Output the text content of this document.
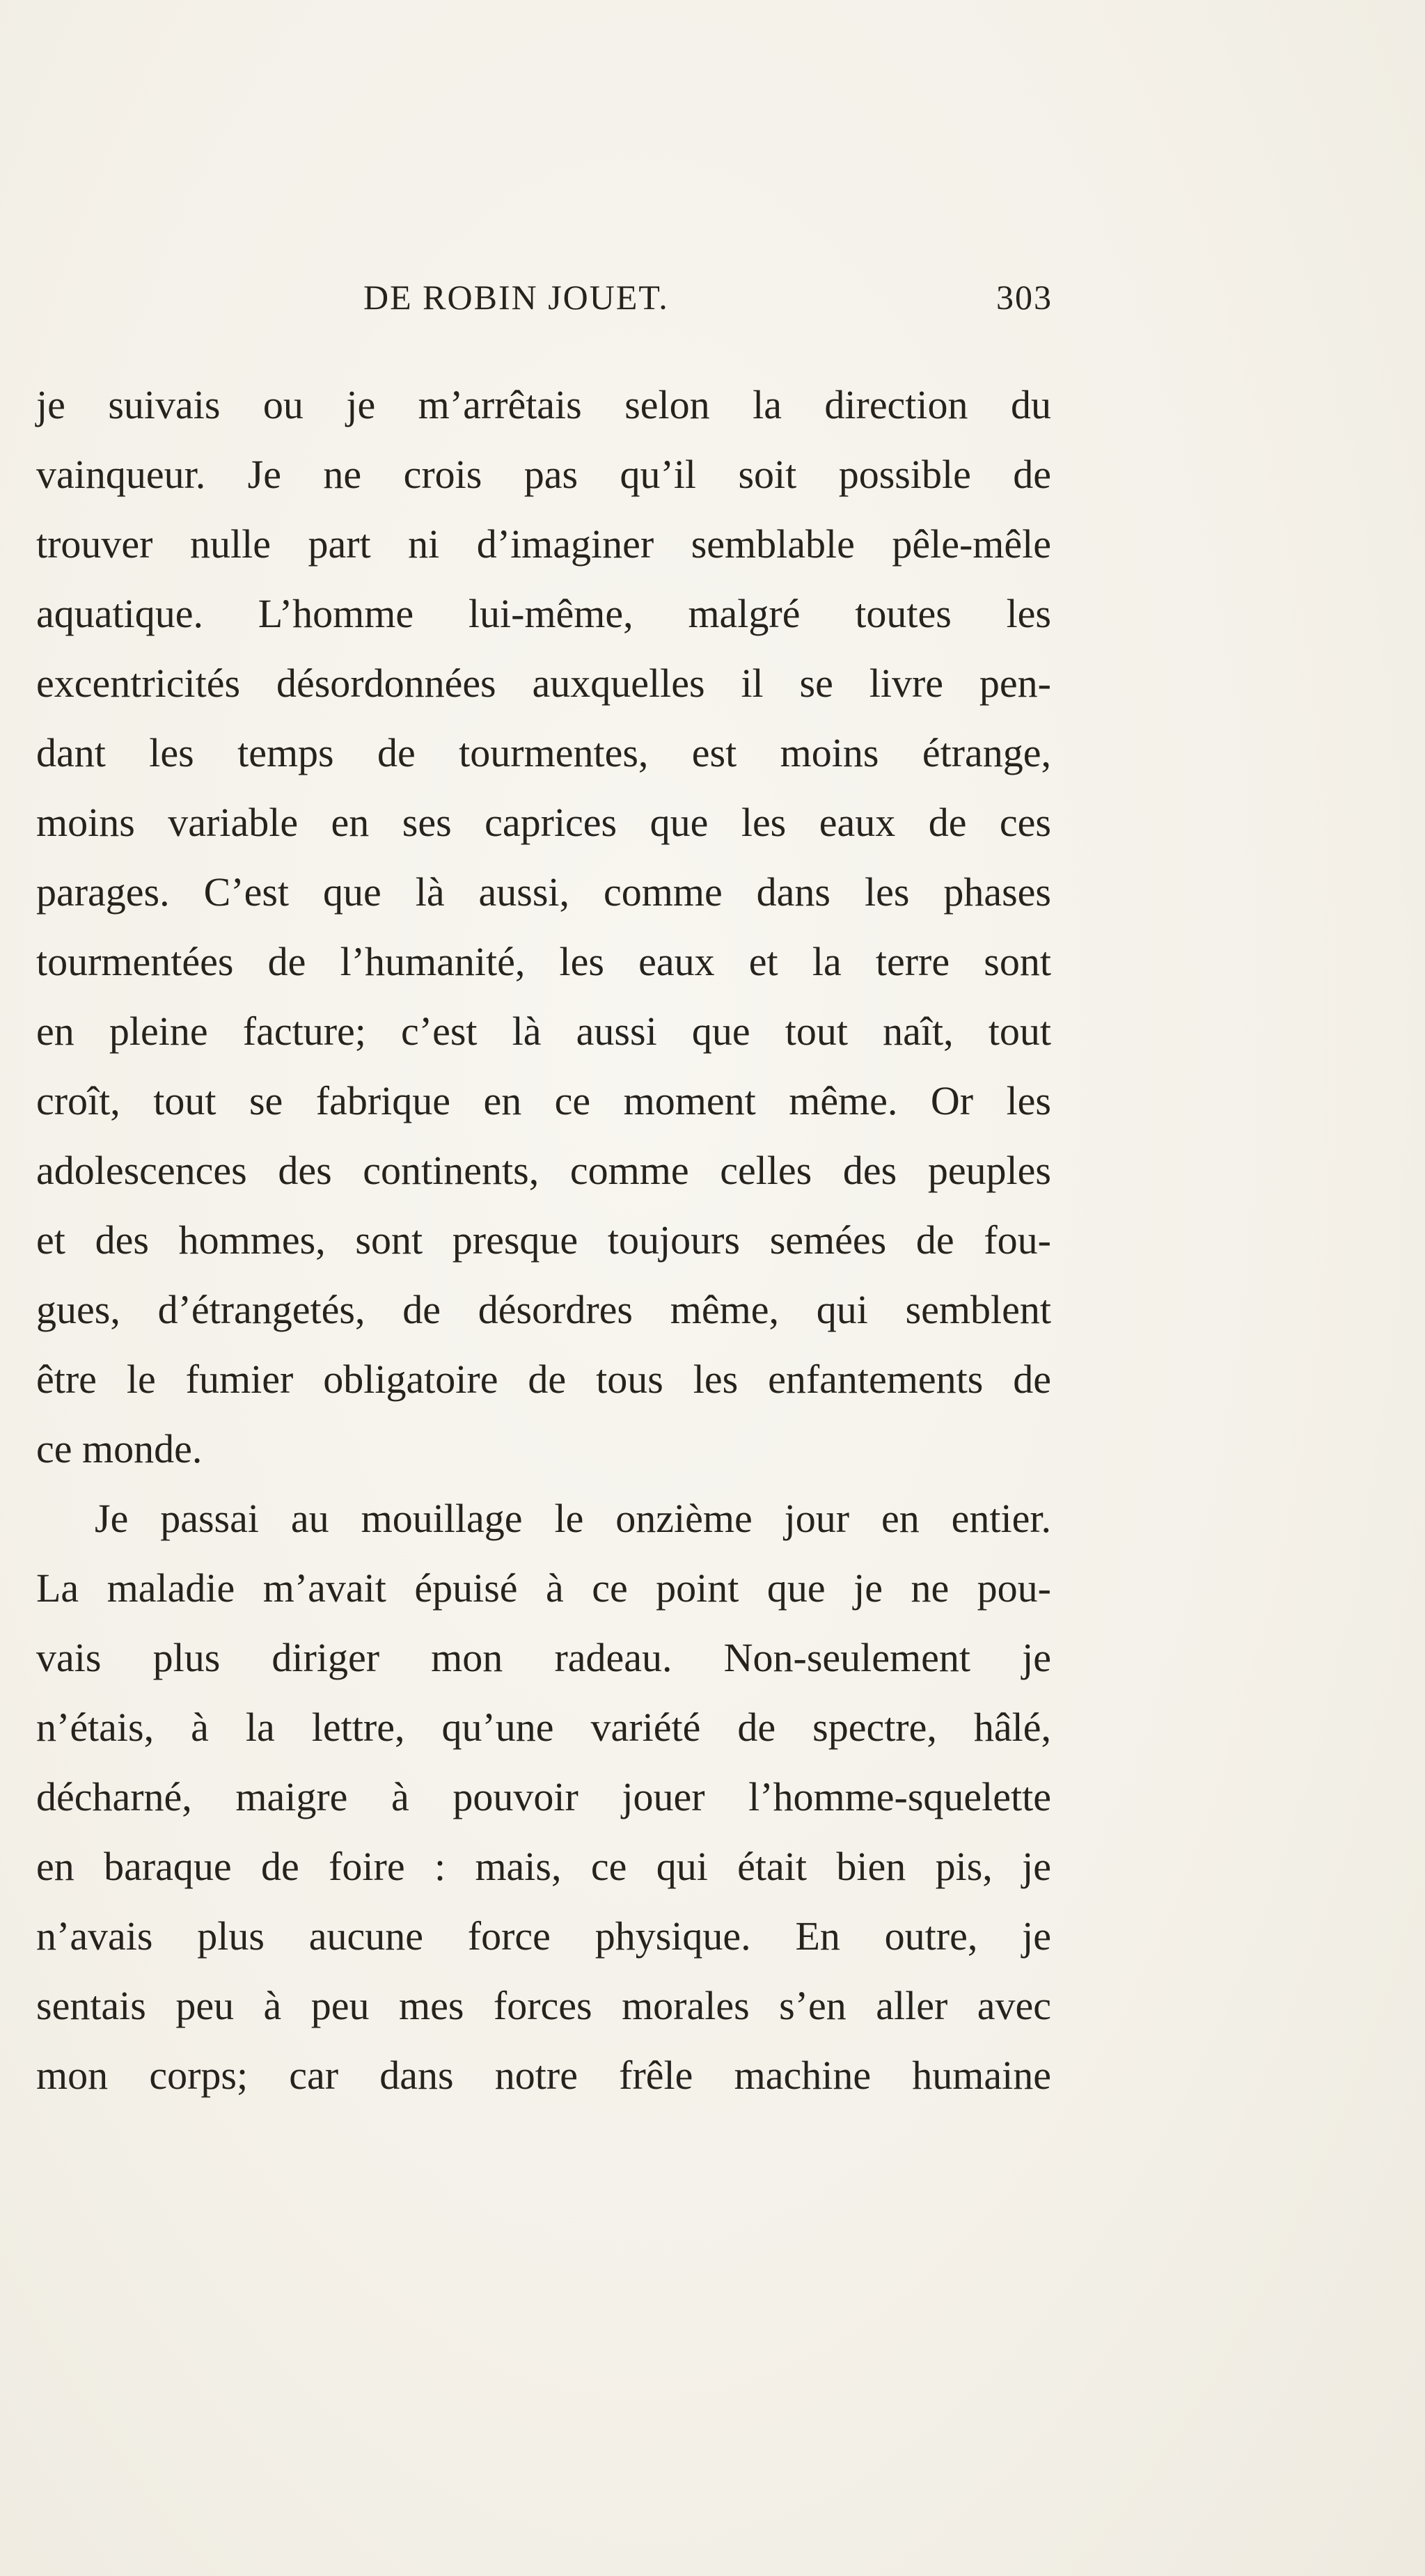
DE ROBIN JOUET.	303
je suivais ou je m’arrêtais selon la direction du
vainqueur. Je ne crois pas qu’il soit possible de
trouver nulle part ni d’imaginer semblable pêle-mêle
aquatique. L’homme lui-même, malgré toutes les
excentricités désordonnées auxquelles il se livre pen-
dant les temps de tourmentes, est moins étrange,
moins variable en ses caprices que les eaux de ces
parages. C’est que là aussi, comme dans les phases
tourmentées de l’humanité, les eaux et la terre sont
en pleine facture; c’est là aussi que tout naît, tout
croît, tout se fabrique en ce moment même. Or les
adolescences des continents, comme celles des peuples
et des hommes, sont presque toujours semées de fou-
gues, d’étrangetés, de désordres même, qui semblent
être le fumier obligatoire de tous les enfantements de
ce monde.
Je passai au mouillage le onzième jour en entier.
La maladie m’avait épuisé à ce point que je ne pou-
vais plus diriger mon radeau. Non-seulement je
n’étais, à la lettre, qu’une variété de spectre, hâlé,
décharné, maigre à pouvoir jouer l’homme-squelette
en baraque de foire : mais, ce qui était bien pis, je
n’avais plus aucune force physique. En outre, je
sentais peu à peu mes forces morales s’en aller avec
mon corps; car dans notre frêle machine humaine
